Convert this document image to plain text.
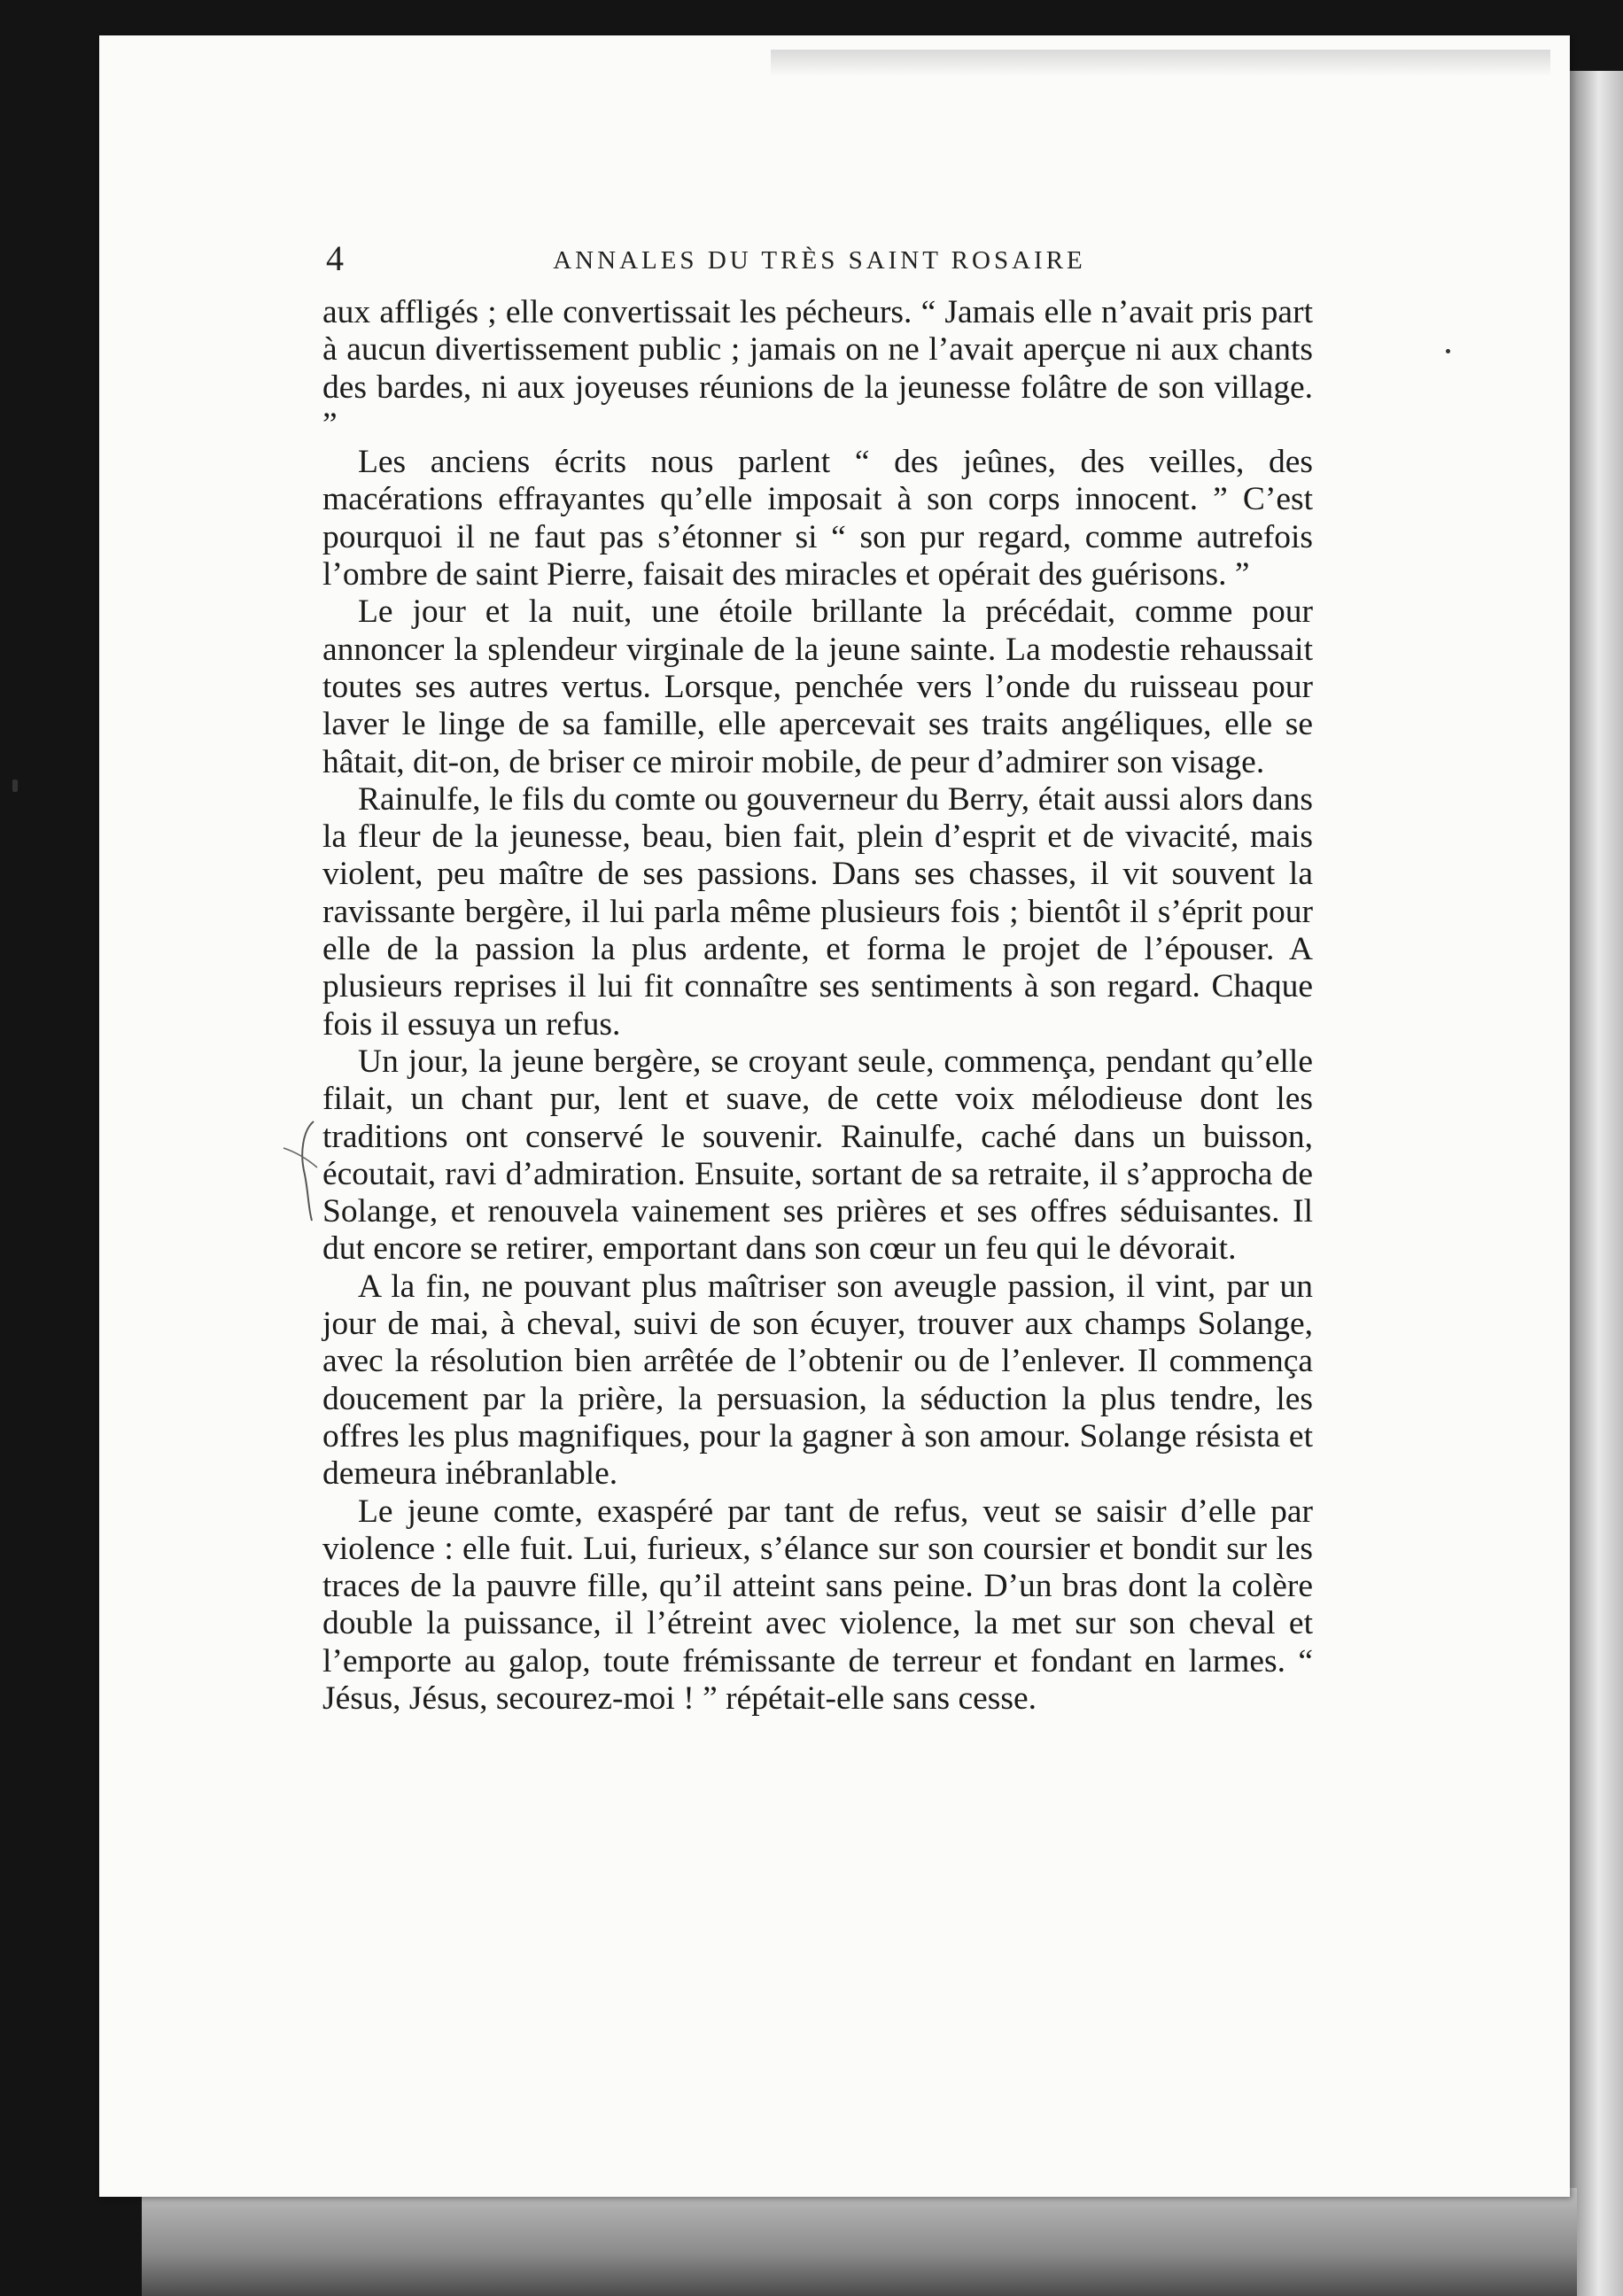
4	ANNALES DU TRÈS SAINT ROSAIRE

aux affligés ; elle convertissait les pécheurs. “ Jamais elle n’avait pris part à aucun divertissement public ; jamais on ne l’avait aperçue ni aux chants des bardes, ni aux joyeuses réunions de la jeunesse folâtre de son village. ”

Les anciens écrits nous parlent “ des jeûnes, des veilles, des macérations effrayantes qu’elle imposait à son corps innocent. ” C’est pourquoi il ne faut pas s’étonner si “ son pur regard, comme autrefois l’ombre de saint Pierre, faisait des miracles et opérait des guérisons. ”

Le jour et la nuit, une étoile brillante la précédait, comme pour annoncer la splendeur virginale de la jeune sainte. La modestie rehaussait toutes ses autres vertus. Lorsque, penchée vers l’onde du ruisseau pour laver le linge de sa famille, elle apercevait ses traits angéliques, elle se hâtait, dit-on, de briser ce miroir mobile, de peur d’admirer son visage.

Rainulfe, le fils du comte ou gouverneur du Berry, était aussi alors dans la fleur de la jeunesse, beau, bien fait, plein d’esprit et de vivacité, mais violent, peu maître de ses passions. Dans ses chasses, il vit souvent la ravissante bergère, il lui parla même plusieurs fois ; bientôt il s’éprit pour elle de la passion la plus ardente, et forma le projet de l’épouser. A plusieurs reprises il lui fit connaître ses sentiments à son regard. Chaque fois il essuya un refus.

Un jour, la jeune bergère, se croyant seule, commença, pendant qu’elle filait, un chant pur, lent et suave, de cette voix mélodieuse dont les traditions ont conservé le souvenir. Rainulfe, caché dans un buisson, écoutait, ravi d’admiration. Ensuite, sortant de sa retraite, il s’approcha de Solange, et renouvela vainement ses prières et ses offres séduisantes. Il dut encore se retirer, emportant dans son cœur un feu qui le dévorait.

A la fin, ne pouvant plus maîtriser son aveugle passion, il vint, par un jour de mai, à cheval, suivi de son écuyer, trouver aux champs Solange, avec la résolution bien arrêtée de l’obtenir ou de l’enlever. Il commença doucement par la prière, la persuasion, la séduction la plus tendre, les offres les plus magnifiques, pour la gagner à son amour. Solange résista et demeura inébranlable.

Le jeune comte, exaspéré par tant de refus, veut se saisir d’elle par violence : elle fuit. Lui, furieux, s’élance sur son coursier et bondit sur les traces de la pauvre fille, qu’il atteint sans peine. D’un bras dont la colère double la puissance, il l’étreint avec violence, la met sur son cheval et l’emporte au galop, toute frémissante de terreur et fondant en larmes. “ Jésus, Jésus, secourez-moi ! ” répétait-elle sans cesse.
